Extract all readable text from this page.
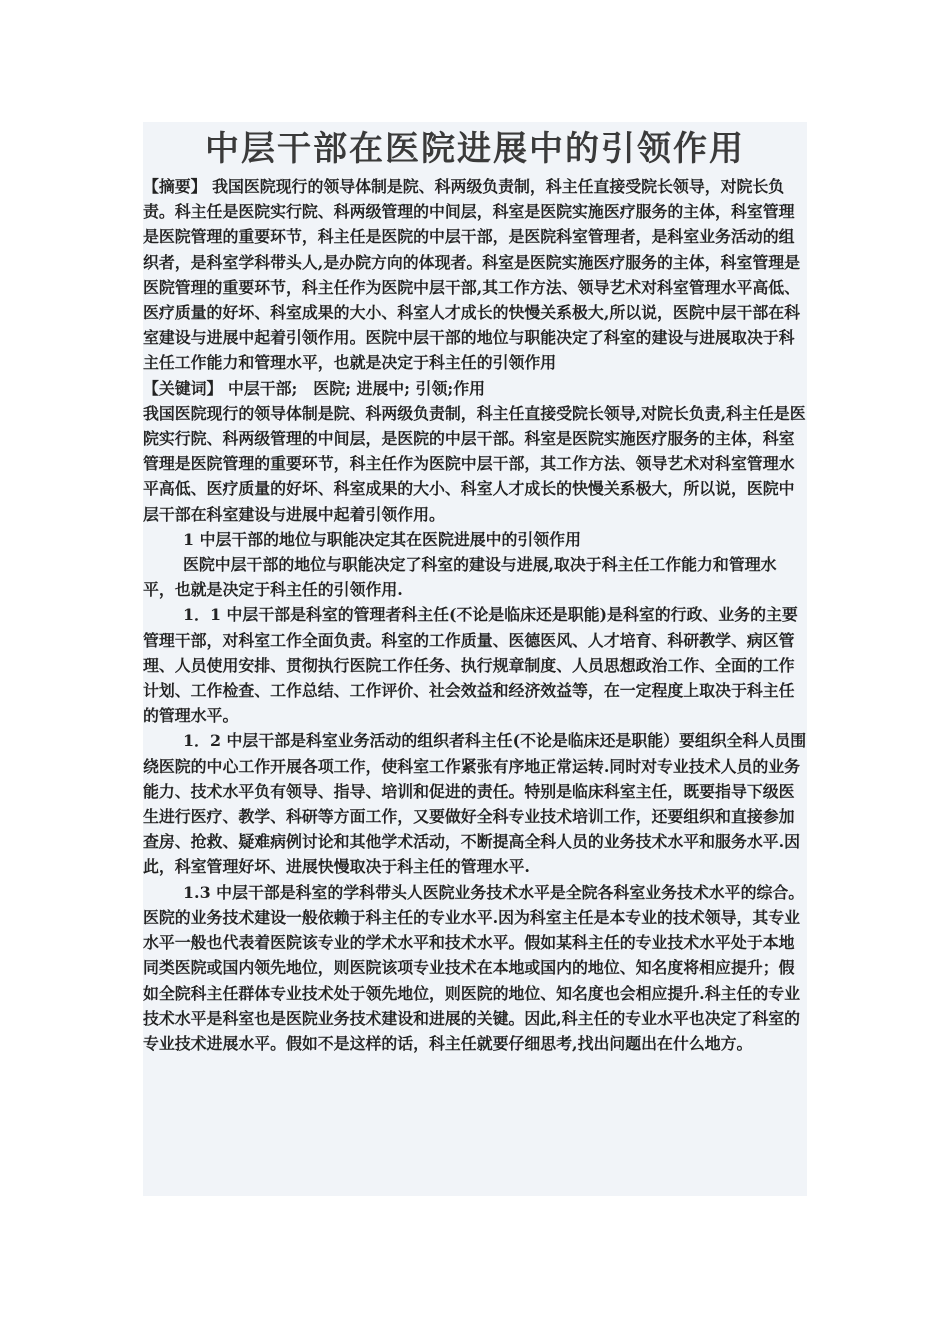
中层干部在医院进展中的引领作用

【摘要】 我国医院现行的领导体制是院、科两级负责制，科主任直接受院长领导，对院长负责。科主任是医院实行院、科两级管理的中间层，科室是医院实施医疗服务的主体，科室管理是医院管理的重要环节，科主任是医院的中层干部，是医院科室管理者，是科室业务活动的组织者，是科室学科带头人,是办院方向的体现者。科室是医院实施医疗服务的主体，科室管理是医院管理的重要环节，科主任作为医院中层干部,其工作方法、领导艺术对科室管理水平高低、医疗质量的好坏、科室成果的大小、科室人才成长的快慢关系极大,所以说，医院中层干部在科室建设与进展中起着引领作用。医院中层干部的地位与职能决定了科室的建设与进展取决于科主任工作能力和管理水平，也就是决定于科主任的引领作用

【关键词】 中层干部;　医院; 进展中; 引领;作用

我国医院现行的领导体制是院、科两级负责制，科主任直接受院长领导,对院长负责,科主任是医院实行院、科两级管理的中间层，是医院的中层干部。科室是医院实施医疗服务的主体，科室管理是医院管理的重要环节，科主任作为医院中层干部，其工作方法、领导艺术对科室管理水平高低、医疗质量的好坏、科室成果的大小、科室人才成长的快慢关系极大，所以说，医院中层干部在科室建设与进展中起着引领作用。

1 中层干部的地位与职能决定其在医院进展中的引领作用

医院中层干部的地位与职能决定了科室的建设与进展,取决于科主任工作能力和管理水平，也就是决定于科主任的引领作用.

1．1 中层干部是科室的管理者科主任(不论是临床还是职能)是科室的行政、业务的主要管理干部，对科室工作全面负责。科室的工作质量、医德医风、人才培育、科研教学、病区管理、人员使用安排、贯彻执行医院工作任务、执行规章制度、人员思想政治工作、全面的工作计划、工作检查、工作总结、工作评价、社会效益和经济效益等，在一定程度上取决于科主任的管理水平。

1．2 中层干部是科室业务活动的组织者科主任(不论是临床还是职能）要组织全科人员围绕医院的中心工作开展各项工作，使科室工作紧张有序地正常运转.同时对专业技术人员的业务能力、技术水平负有领导、指导、培训和促进的责任。特别是临床科室主任，既要指导下级医生进行医疗、教学、科研等方面工作，又要做好全科专业技术培训工作，还要组织和直接参加查房、抢救、疑难病例讨论和其他学术活动，不断提高全科人员的业务技术水平和服务水平.因此，科室管理好坏、进展快慢取决于科主任的管理水平.

1.3 中层干部是科室的学科带头人医院业务技术水平是全院各科室业务技术水平的综合。医院的业务技术建设一般依赖于科主任的专业水平.因为科室主任是本专业的技术领导，其专业水平一般也代表着医院该专业的学术水平和技术水平。假如某科主任的专业技术水平处于本地同类医院或国内领先地位，则医院该项专业技术在本地或国内的地位、知名度将相应提升；假如全院科主任群体专业技术处于领先地位，则医院的地位、知名度也会相应提升.科主任的专业技术水平是科室也是医院业务技术建设和进展的关键。因此,科主任的专业水平也决定了科室的专业技术进展水平。假如不是这样的话，科主任就要仔细思考,找出问题出在什么地方。
